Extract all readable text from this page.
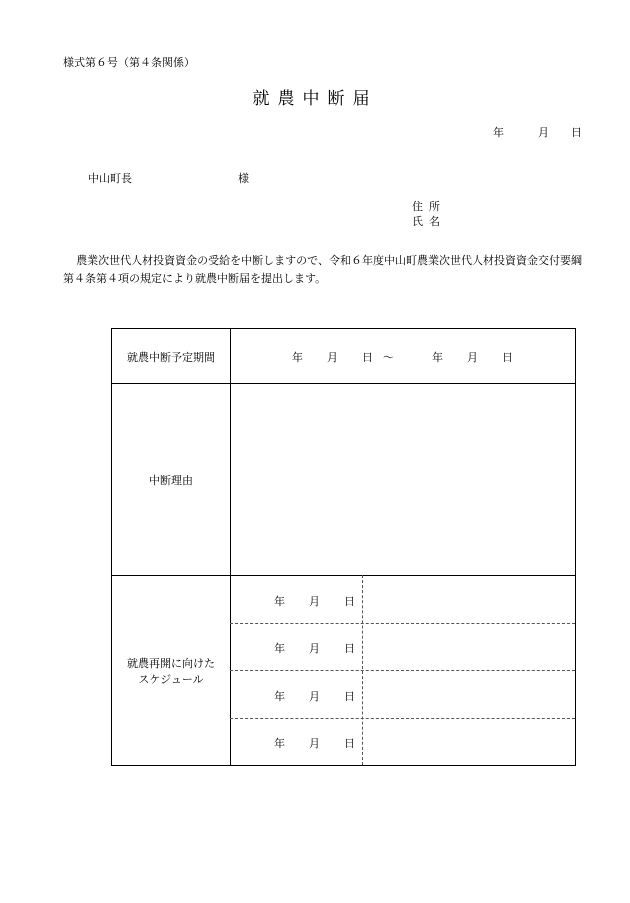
様式第６号（第４条関係）
就農中断届
年	月 日
中山町長	様
住所
氏名
農業次世代人材投資資金の受給を中断しますので、令和６年度中山町農業次世代人材投資資金交付要綱第４条第４項の規定により就農中断届を提出します。
就農中断予定期間	年 月 日 ～	年 月 日
中断理由
就農再開に向けた
スケジュール
年 月 日
年 月 日
年 月 日
年 月 日
